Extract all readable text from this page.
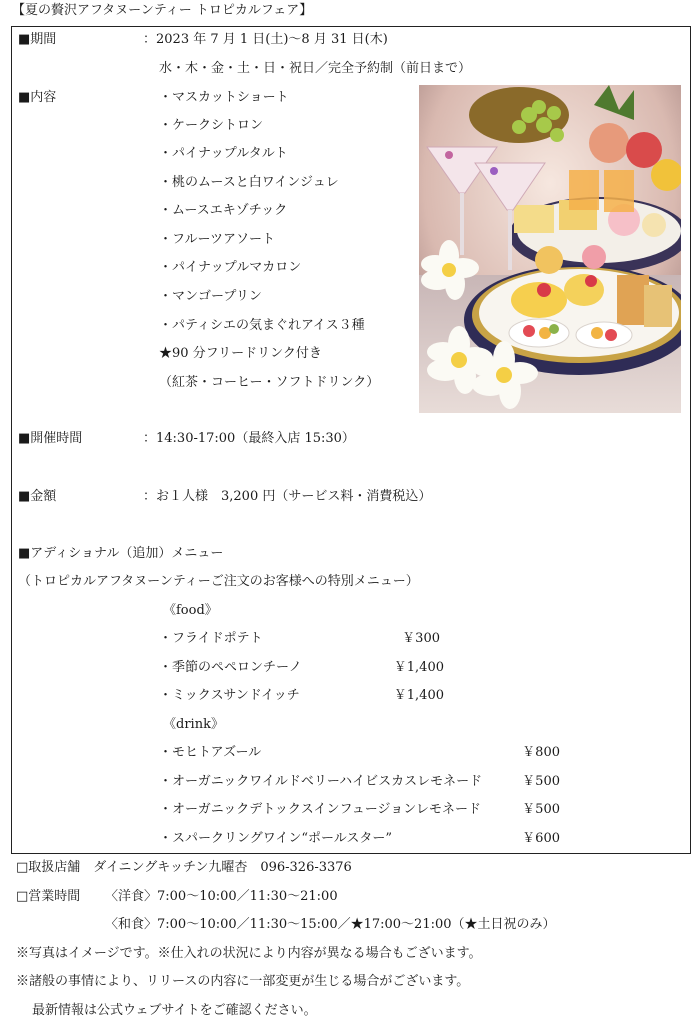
【夏の贅沢アフタヌーンティー トロピカルフェア】
■期間	：2023 年 7 月 1 日(土)～8 月 31 日(木)
水・木・金・土・日・祝日／完全予約制（前日まで）
■内容	・マスカットショート
・ケークシトロン
・パイナップルタルト
・桃のムースと白ワインジュレ
・ムースエキゾチック
・フルーツアソート
・パイナップルマカロン
・マンゴープリン
・パティシエの気まぐれアイス３種
★90 分フリードリンク付き
（紅茶・コーヒー・ソフトドリンク）
■開催時間	：14:30-17:00（最終入店 15:30）
■金額	：お１人様　3,200 円（サービス料・消費税込）
■アディショナル（追加）メニュー
（トロピカルアフタヌーンティーご注文のお客様への特別メニュー）
《food》
・フライドポテト	￥300
・季節のペペロンチーノ	￥1,400
・ミックスサンドイッチ	￥1,400
《drink》
・モヒトアズール	￥800
・オーガニックワイルドベリーハイビスカスレモネード	￥500
・オーガニックデトックスインフュージョンレモネード	￥500
・スパークリングワイン“ポールスター”	￥600
□取扱店舗　ダイニングキッチン九曜杏　096-326-3376
□営業時間 〈洋食〉7:00～10:00／11:30～21:00
〈和食〉7:00～10:00／11:30～15:00／★17:00～21:00（★土日祝のみ）
※写真はイメージです。※仕入れの状況により内容が異なる場合もございます。
※諸般の事情により、リリースの内容に一部変更が生じる場合がございます。
最新情報は公式ウェブサイトをご確認ください。
